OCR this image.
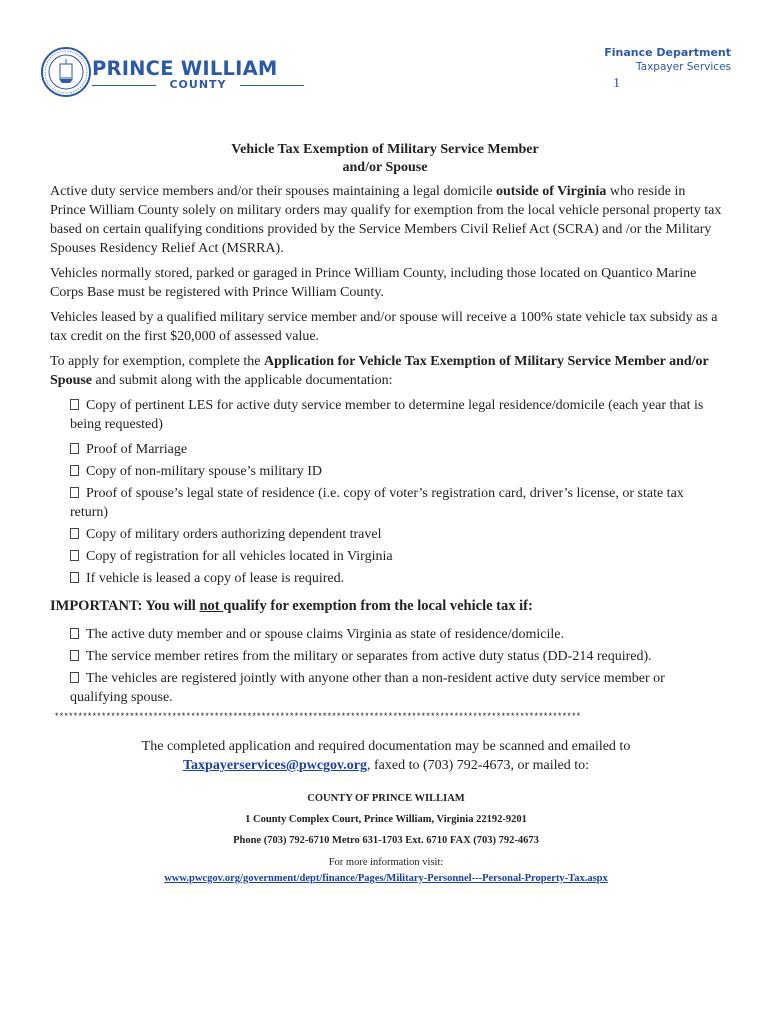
PRINCE WILLIAM
COUNTY
Finance Department
Taxpayer Services
1
Vehicle Tax Exemption of Military Service Member
and/or Spouse

Active duty service members and/or their spouses maintaining a legal domicile outside of Virginia who reside in Prince William County solely on military orders may qualify for exemption from the local vehicle personal property tax based on certain qualifying conditions provided by the Service Members Civil Relief Act (SCRA) and /or the Military Spouses Residency Relief Act (MSRRA).

Vehicles normally stored, parked or garaged in Prince William County, including those located on Quantico Marine Corps Base must be registered with Prince William County.

Vehicles leased by a qualified military service member and/or spouse will receive a 100% state vehicle tax subsidy as a tax credit on the first $20,000 of assessed value.

To apply for exemption, complete the Application for Vehicle Tax Exemption of Military Service Member and/or Spouse and submit along with the applicable documentation:

Copy of pertinent LES for active duty service member to determine legal residence/domicile (each year that is being requested)
Proof of Marriage
Copy of non-military spouse’s military ID
Proof of spouse’s legal state of residence (i.e. copy of voter’s registration card, driver’s license, or state tax return)
Copy of military orders authorizing dependent travel
Copy of registration for all vehicles located in Virginia
If vehicle is leased a copy of lease is required.
IMPORTANT: You will not qualify for exemption from the local vehicle tax if:
The active duty member and or spouse claims Virginia as state of residence/domicile.
The service member retires from the military or separates from active duty status (DD-214 required).
The vehicles are registered jointly with anyone other than a non-resident active duty service member or qualifying spouse.
****************************************************************************************************************
The completed application and required documentation may be scanned and emailed to
Taxpayerservices@pwcgov.org, faxed to (703) 792-4673, or mailed to:
COUNTY OF PRINCE WILLIAM
1 County Complex Court, Prince William, Virginia 22192-9201
Phone (703) 792-6710 Metro 631-1703 Ext. 6710 FAX (703) 792-4673
For more information visit:
www.pwcgov.org/government/dept/finance/Pages/Military-Personnel---Personal-Property-Tax.aspx
